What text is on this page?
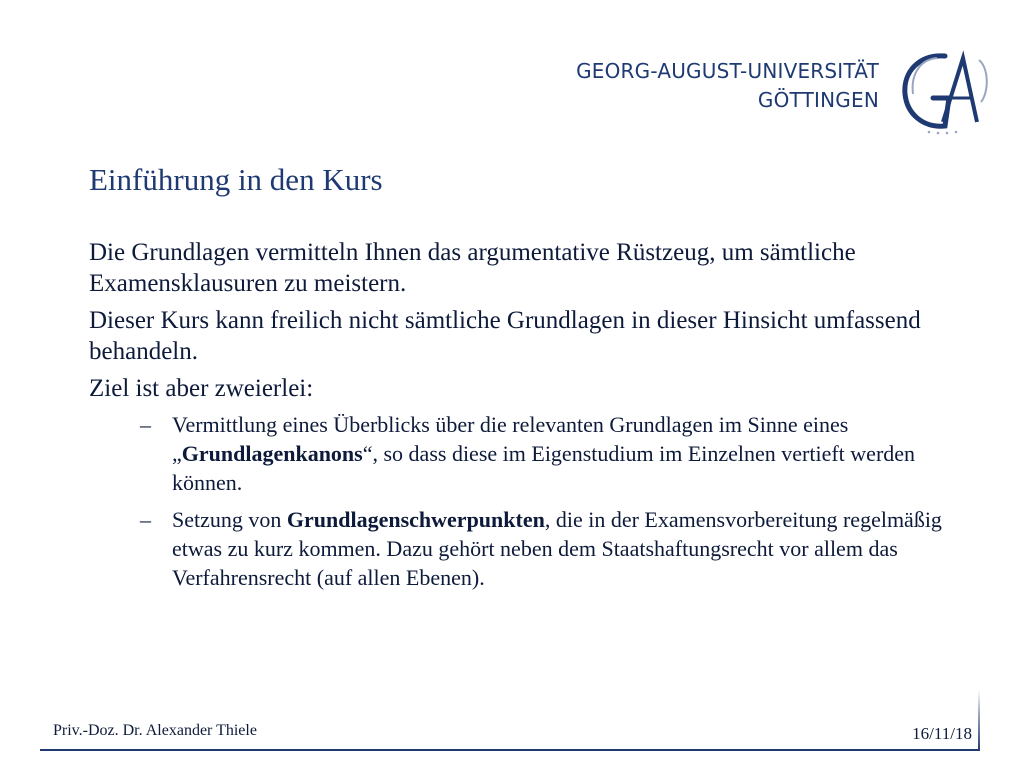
GEORG-AUGUST-UNIVERSITÄT
GÖTTINGEN
Einführung in den Kurs

Die Grundlagen vermitteln Ihnen das argumentative Rüstzeug, um sämtliche Examensklausuren zu meistern.

Dieser Kurs kann freilich nicht sämtliche Grundlagen in dieser Hinsicht umfassend behandeln.

Ziel ist aber zweierlei:

– Vermittlung eines Überblicks über die relevanten Grundlagen im Sinne eines „Grundlagenkanons“, so dass diese im Eigenstudium im Einzelnen vertieft werden können.
– Setzung von Grundlagenschwerpunkten, die in der Examensvorbereitung regelmäßig etwas zu kurz kommen. Dazu gehört neben dem Staatshaftungsrecht vor allem das Verfahrensrecht (auf allen Ebenen).
Priv.-Doz. Dr. Alexander Thiele	16/11/18
